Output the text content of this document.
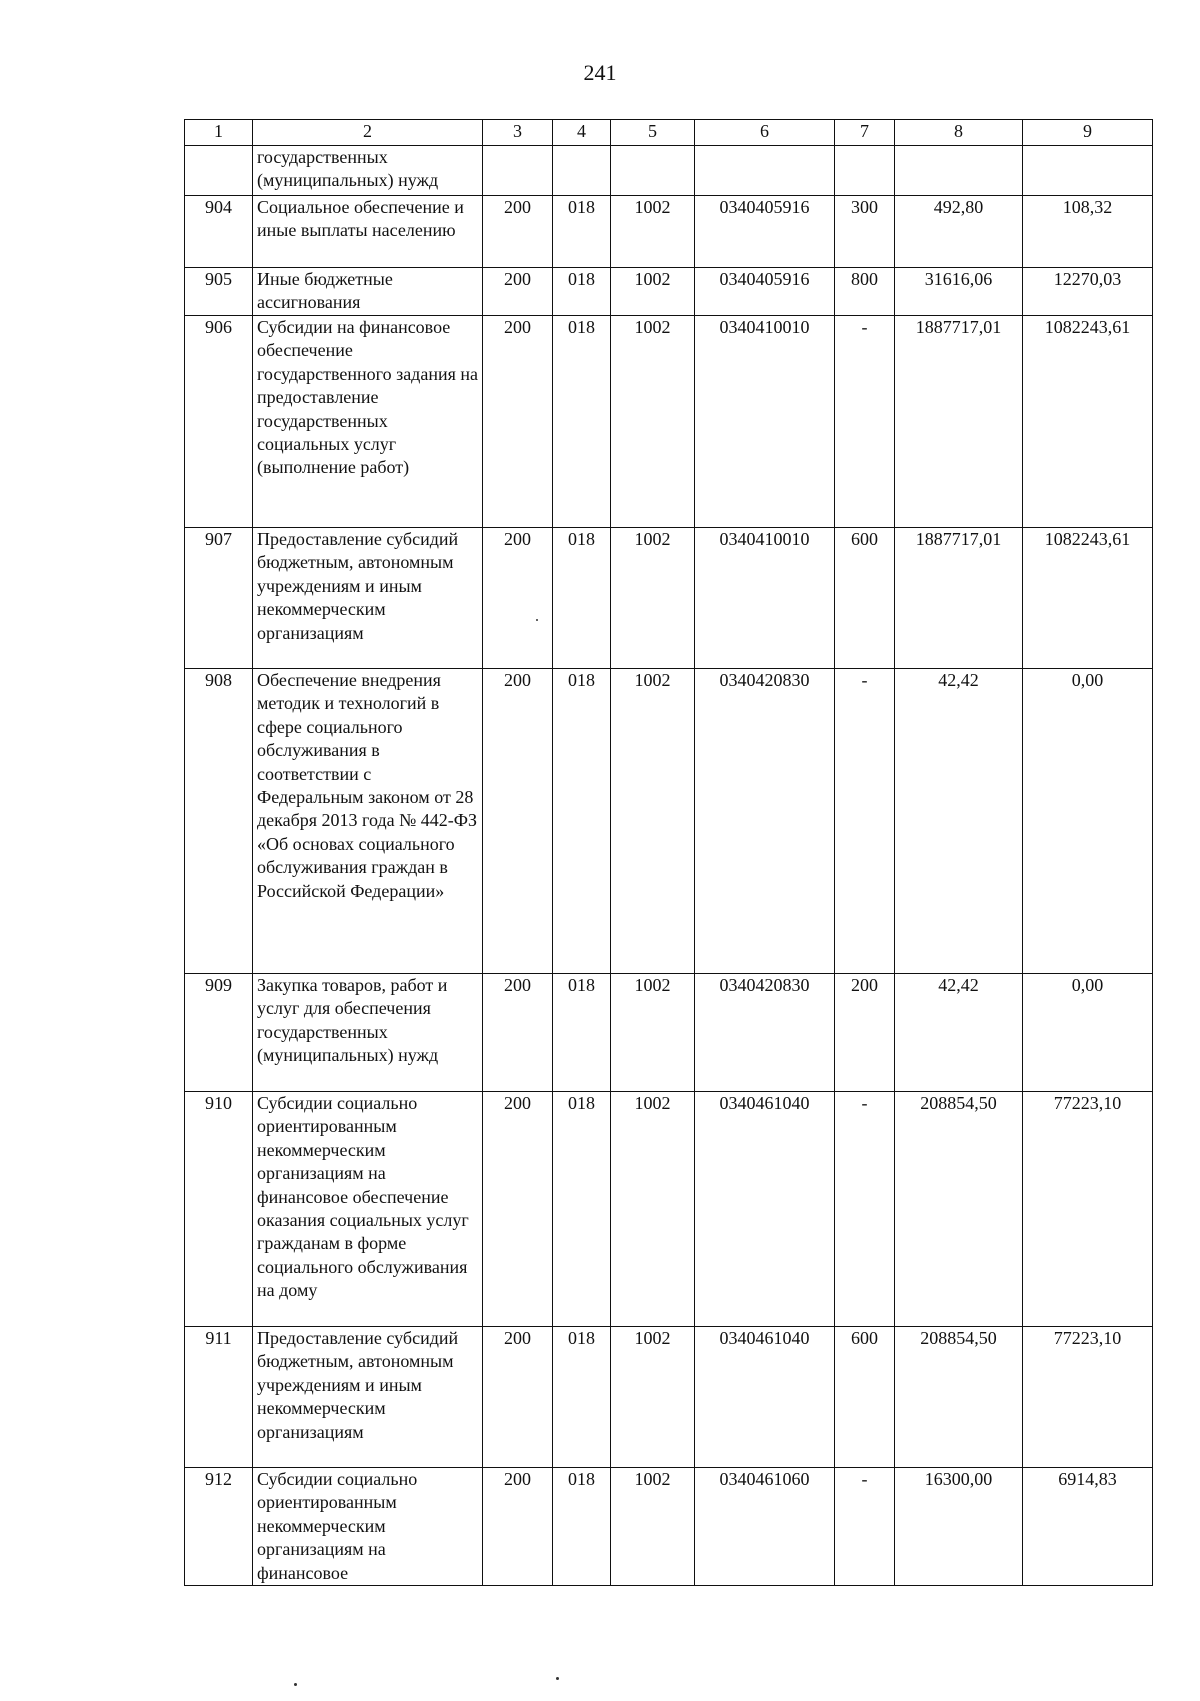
241
1	2	3	4	5	6	7	8	9
	государственных (муниципальных) нужд							
904	Социальное обеспечение и иные выплаты населению	200	018	1002	0340405916	300	492,80	108,32
905	Иные бюджетные ассигнования	200	018	1002	0340405916	800	31616,06	12270,03
906	Субсидии на финансовое обеспечение государственного задания на предоставление государственных социальных услуг (выполнение работ)	200	018	1002	0340410010	-	1887717,01	1082243,61
907	Предоставление субсидий бюджетным, автономным учреждениям и иным некоммерческим организациям	200	018	1002	0340410010	600	1887717,01	1082243,61
908	Обеспечение внедрения методик и технологий в сфере социального обслуживания в соответствии с Федеральным законом от 28 декабря 2013 года № 442-ФЗ «Об основах социального обслуживания граждан в Российской Федерации»	200	018	1002	0340420830	-	42,42	0,00
909	Закупка товаров, работ и услуг для обеспечения государственных (муниципальных) нужд	200	018	1002	0340420830	200	42,42	0,00
910	Субсидии социально ориентированным некоммерческим организациям на финансовое обеспечение оказания социальных услуг гражданам в форме социального обслуживания на дому	200	018	1002	0340461040	-	208854,50	77223,10
911	Предоставление субсидий бюджетным, автономным учреждениям и иным некоммерческим организациям	200	018	1002	0340461040	600	208854,50	77223,10
912	Субсидии социально ориентированным некоммерческим организациям на финансовое	200	018	1002	0340461060	-	16300,00	6914,83
